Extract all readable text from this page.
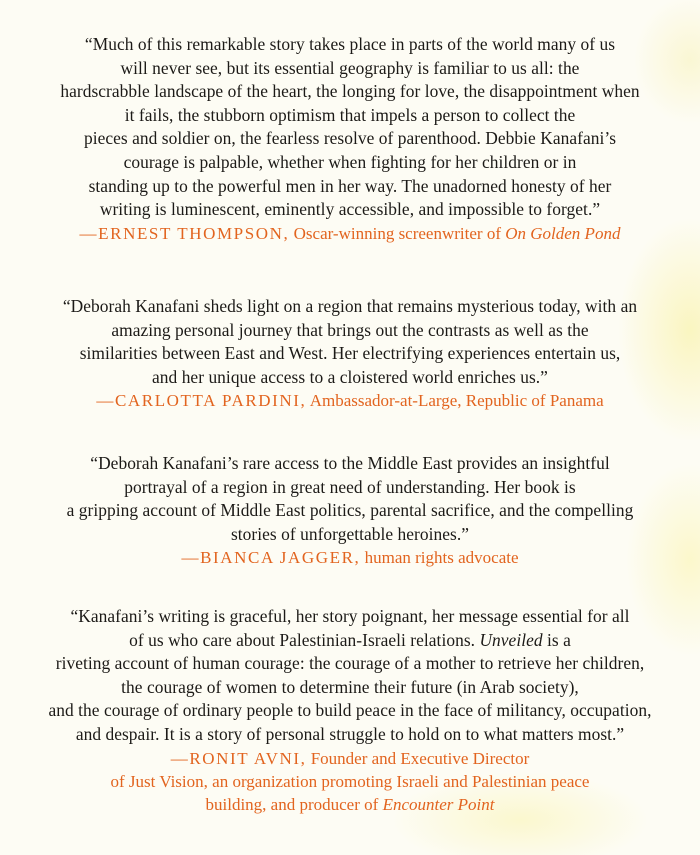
“Much of this remarkable story takes place in parts of the world many of us
will never see, but its essential geography is familiar to us all: the
hardscrabble landscape of the heart, the longing for love, the disappointment when
it fails, the stubborn optimism that impels a person to collect the
pieces and soldier on, the fearless resolve of parenthood. Debbie Kanafani’s
courage is palpable, whether when fighting for her children or in
standing up to the powerful men in her way. The unadorned honesty of her
writing is luminescent, eminently accessible, and impossible to forget.”
—ERNEST THOMPSON, Oscar-winning screenwriter of On Golden Pond
“Deborah Kanafani sheds light on a region that remains mysterious today, with an
amazing personal journey that brings out the contrasts as well as the
similarities between East and West. Her electrifying experiences entertain us,
and her unique access to a cloistered world enriches us.”
—CARLOTTA PARDINI, Ambassador-at-Large, Republic of Panama
“Deborah Kanafani’s rare access to the Middle East provides an insightful
portrayal of a region in great need of understanding. Her book is
a gripping account of Middle East politics, parental sacrifice, and the compelling
stories of unforgettable heroines.”
—BIANCA JAGGER, human rights advocate
“Kanafani’s writing is graceful, her story poignant, her message essential for all
of us who care about Palestinian-Israeli relations. Unveiled is a
riveting account of human courage: the courage of a mother to retrieve her children,
the courage of women to determine their future (in Arab society),
and the courage of ordinary people to build peace in the face of militancy, occupation,
and despair. It is a story of personal struggle to hold on to what matters most.”
—RONIT AVNI, Founder and Executive Director
of Just Vision, an organization promoting Israeli and Palestinian peace
building, and producer of Encounter Point
